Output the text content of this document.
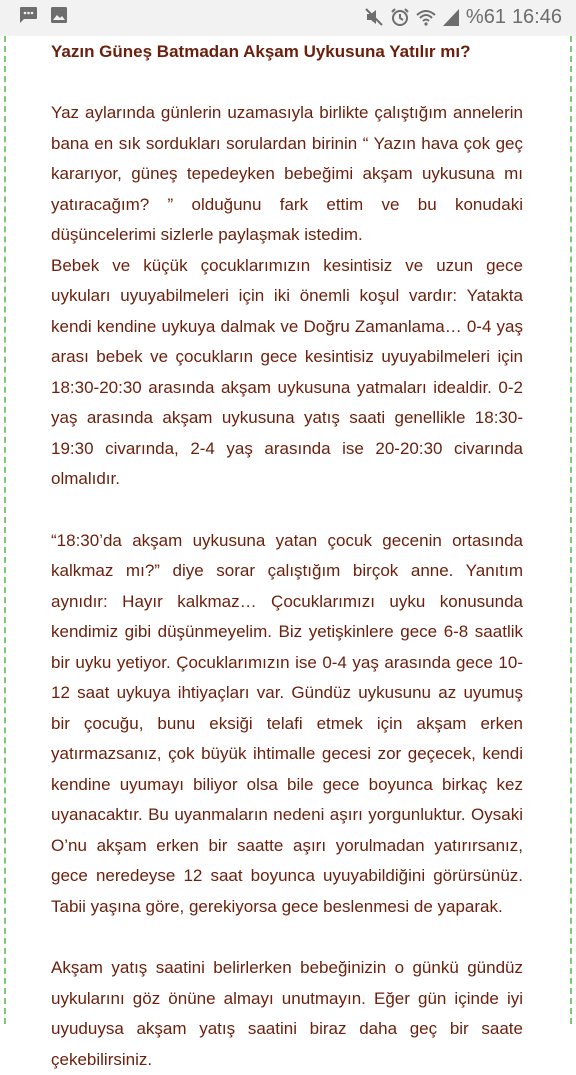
%61 16:46
Yazın Güneş Batmadan Akşam Uykusuna Yatılır mı?

Yaz aylarında günlerin uzamasıyla birlikte çalıştığım annelerin bana en sık sordukları sorulardan birinin “ Yazın hava çok geç kararıyor, güneş tepedeyken bebeğimi akşam uykusuna mı yatıracağım? ” olduğunu fark ettim ve bu konudaki düşüncelerimi sizlerle paylaşmak istedim.

Bebek ve küçük çocuklarımızın kesintisiz ve uzun gece uykuları uyuyabilmeleri için iki önemli koşul vardır: Yatakta kendi kendine uykuya dalmak ve Doğru Zamanlama… 0-4 yaş arası bebek ve çocukların gece kesintisiz uyuyabilmeleri için 18:30-20:30 arasında akşam uykusuna yatmaları idealdir. 0-2 yaş arasında akşam uykusuna yatış saati genellikle 18:30-19:30 civarında, 2-4 yaş arasında ise 20-20:30 civarında olmalıdır.

“18:30’da akşam uykusuna yatan çocuk gecenin ortasında kalkmaz mı?” diye sorar çalıştığım birçok anne. Yanıtım aynıdır: Hayır kalkmaz… Çocuklarımızı uyku konusunda kendimiz gibi düşünmeyelim. Biz yetişkinlere gece 6-8 saatlik bir uyku yetiyor. Çocuklarımızın ise 0-4 yaş arasında gece 10-12 saat uykuya ihtiyaçları var. Gündüz uykusunu az uyumuş bir çocuğu, bunu eksiği telafi etmek için akşam erken yatırmazsanız, çok büyük ihtimalle gecesi zor geçecek, kendi kendine uyumayı biliyor olsa bile gece boyunca birkaç kez uyanacaktır. Bu uyanmaların nedeni aşırı yorgunluktur. Oysaki O’nu akşam erken bir saatte aşırı yorulmadan yatırırsanız, gece neredeyse 12 saat boyunca uyuyabildiğini görürsünüz. Tabii yaşına göre, gerekiyorsa gece beslenmesi de yaparak.

Akşam yatış saatini belirlerken bebeğinizin o günkü gündüz uykularını göz önüne almayı unutmayın. Eğer gün içinde iyi uyuduysa akşam yatış saatini biraz daha geç bir saate çekebilirsiniz.
